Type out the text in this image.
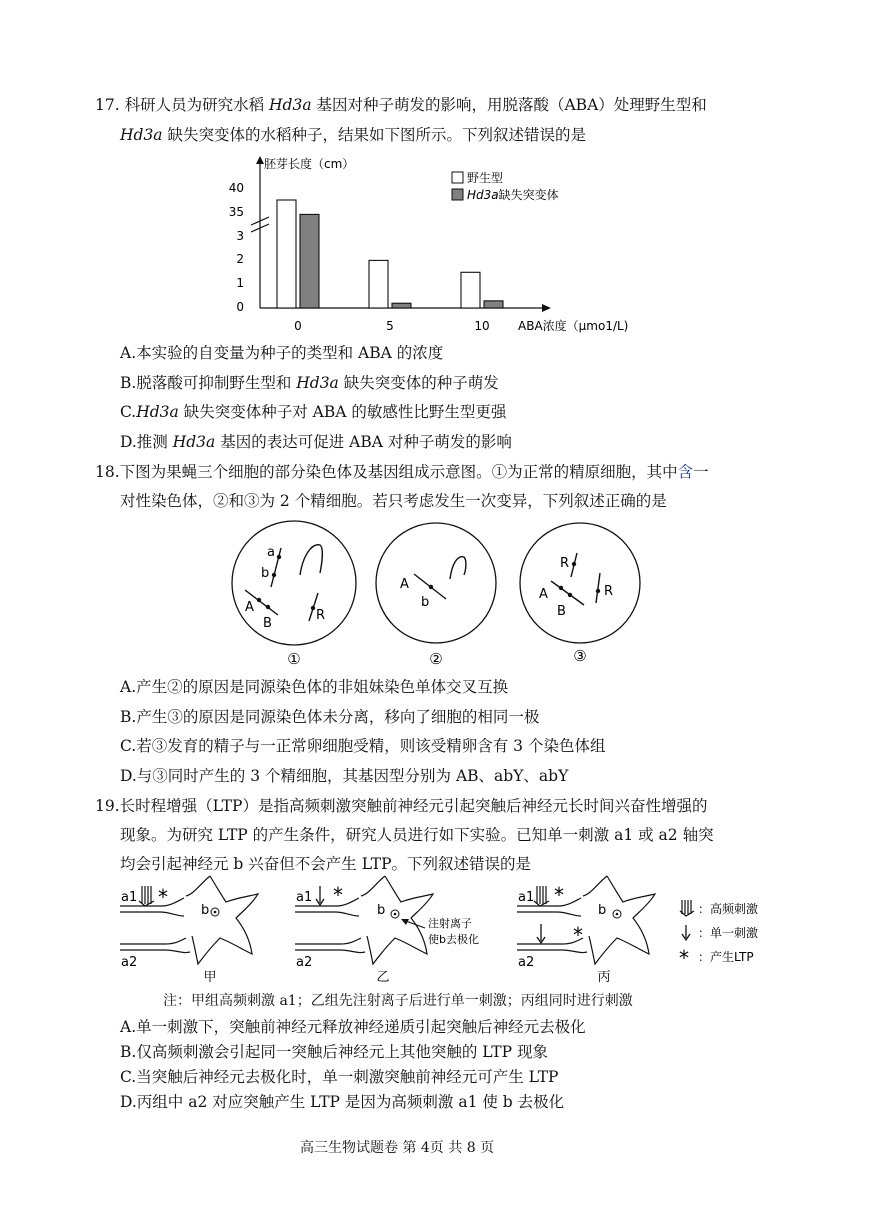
17. 科研人员为研究水稻 Hd3a 基因对种子萌发的影响，用脱落酸（ABA）处理野生型和
Hd3a 缺失突变体的水稻种子，结果如下图所示。下列叙述错误的是
胚芽长度（cm）
40
35
3
2
1
0
0	5	10 ABA浓度（μmo1/L)
野生型
Hd3a缺失突变体
A.本实验的自变量为种子的类型和 ABA 的浓度
B.脱落酸可抑制野生型和 Hd3a 缺失突变体的种子萌发
C.Hd3a 缺失突变体种子对 ABA 的敏感性比野生型更强
D.推测 Hd3a 基因的表达可促进 ABA 对种子萌发的影响
18.下图为果蝇三个细胞的部分染色体及基因组成示意图。①为正常的精原细胞，其中含一
对性染色体，②和③为 2 个精细胞。若只考虑发生一次变异，下列叙述正确的是
a
b
A
B
R
①
A
b
②
R
A
B
R
③
A.产生②的原因是同源染色体的非姐妹染色单体交叉互换
B.产生③的原因是同源染色体未分离，移向了细胞的相同一极
C.若③发育的精子与一正常卵细胞受精，则该受精卵含有 3 个染色体组
D.与③同时产生的 3 个精细胞，其基因型分别为 AB、abY、abY
19.长时程增强（LTP）是指高频刺激突触前神经元引起突触后神经元长时间兴奋性增强的
现象。为研究 LTP 的产生条件，研究人员进行如下实验。已知单一刺激 a1 或 a2 轴突
均会引起神经元 b 兴奋但不会产生 LTP。下列叙述错误的是
a1
a2
b
*
甲
a1
a2
b
*
注射离子
使b去极化
乙
a1
a2
b
*
*
丙
：高频刺激
：单一刺激
* ：产生LTP
注：甲组高频刺激 a1；乙组先注射离子后进行单一刺激；丙组同时进行刺激
A.单一刺激下，突触前神经元释放神经递质引起突触后神经元去极化
B.仅高频刺激会引起同一突触后神经元上其他突触的 LTP 现象
C.当突触后神经元去极化时，单一刺激突触前神经元可产生 LTP
D.丙组中 a2 对应突触产生 LTP 是因为高频刺激 a1 使 b 去极化
高三生物试题卷 第 4页 共 8 页
